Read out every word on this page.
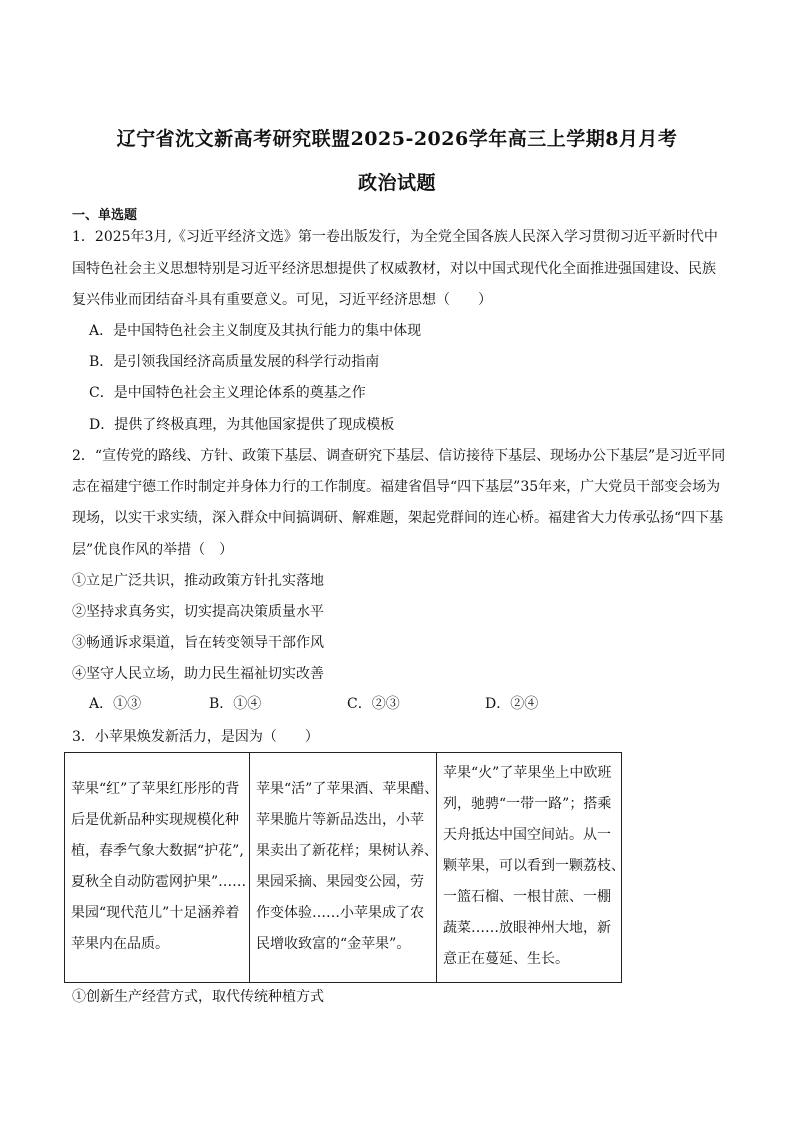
辽宁省沈文新高考研究联盟2025-2026学年高三上学期8月月考
政治试题
一、单选题
1．2025年3月,《习近平经济文选》第一卷出版发行，为全党全国各族人民深入学习贯彻习近平新时代中
国特色社会主义思想特别是习近平经济思想提供了权威教材，对以中国式现代化全面推进强国建设、民族
复兴伟业而团结奋斗具有重要意义。可见，习近平经济思想（　　）
A．是中国特色社会主义制度及其执行能力的集中体现
B．是引领我国经济高质量发展的科学行动指南
C．是中国特色社会主义理论体系的奠基之作
D．提供了终极真理，为其他国家提供了现成模板
2．“宣传党的路线、方针、政策下基层、调查研究下基层、信访接待下基层、现场办公下基层”是习近平同
志在福建宁德工作时制定并身体力行的工作制度。福建省倡导“四下基层”35年来，广大党员干部变会场为
现场，以实干求实绩，深入群众中间搞调研、解难题，架起党群间的连心桥。福建省大力传承弘扬“四下基
层”优良作风的举措（　）
①立足广泛共识，推动政策方针扎实落地
②坚持求真务实，切实提高决策质量水平
③畅通诉求渠道，旨在转变领导干部作风
④坚守人民立场，助力民生福祉切实改善
A．①③	B．①④	C．②③	D．②④
3．小苹果焕发新活力，是因为（　　）
苹果“红”了苹果红彤彤的背
后是优新品种实现规模化种
植，春季气象大数据“护花”,
夏秋全自动防雹网护果”……
果园“现代范儿”十足涵养着
苹果内在品质。

苹果“活”了苹果酒、苹果醋、
苹果脆片等新品迭出，小苹
果卖出了新花样；果树认养、
果园采摘、果园变公园，劳
作变体验……小苹果成了农
民增收致富的“金苹果”。

苹果“火”了苹果坐上中欧班
列，驰骋“一带一路”；搭乘
天舟抵达中国空间站。从一
颗苹果，可以看到一颗荔枝、
一篮石榴、一根甘蔗、一棚
蔬菜……放眼神州大地，新
意正在蔓延、生长。
①创新生产经营方式，取代传统种植方式
